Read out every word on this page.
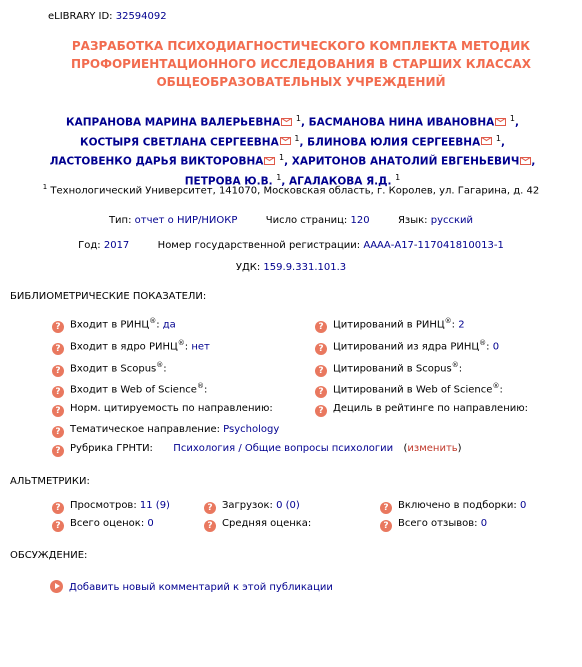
eLIBRARY ID: 32594092
РАЗРАБОТКА ПСИХОДИАГНОСТИЧЕСКОГО КОМПЛЕКТА МЕТОДИК
ПРОФОРИЕНТАЦИОННОГО ИССЛЕДОВАНИЯ В СТАРШИХ КЛАССАХ
ОБЩЕОБРАЗОВАТЕЛЬНЫХ УЧРЕЖДЕНИЙ
КАПРАНОВА МАРИНА ВАЛЕРЬЕВНА $^1$, БАСМАНОВА НИНА ИВАНОВНА $^1$,
КОСТЫРЯ СВЕТЛАНА СЕРГЕЕВНА $^1$, БЛИНОВА ЮЛИЯ СЕРГЕЕВНА $^1$,
ЛАСТОВЕНКО ДАРЬЯ ВИКТОРОВНА $^1$, ХАРИТОНОВ АНАТОЛИЙ ЕВГЕНЬЕВИЧ ,
ПЕТРОВА Ю.В. $^1$, АГАЛАКОВА Я.Д. $^1$
$^1$ Технологический Университет, 141070, Московская область, г. Королев, ул. Гагарина, д. 42
Тип: отчет о НИР/НИОКР	Число страниц: 120	Язык: русский
Год: 2017	Номер государственной регистрации: АААА-А17-117041810013-1
УДК: 159.9.331.101.3
БИБЛИОМЕТРИЧЕСКИЕ ПОКАЗАТЕЛИ:
? Входит в РИНЦ®: да	? Цитирований в РИНЦ®: 2
? Входит в ядро РИНЦ®: нет	? Цитирований из ядра РИНЦ®: 0
? Входит в Scopus®:	? Цитирований в Scopus®:
? Входит в Web of Science®:	? Цитирований в Web of Science®:
? Норм. цитируемость по направлению:	? Дециль в рейтинге по направлению:
? Тематическое направление: Psychology
? Рубрика ГРНТИ: Психология / Общие вопросы психологии (изменить)
АЛЬТМЕТРИКИ:
? Просмотров: 11 (9)	? Загрузок: 0 (0)	? Включено в подборки: 0
? Всего оценок: 0	? Средняя оценка:	? Всего отзывов: 0
ОБСУЖДЕНИЕ:
Добавить новый комментарий к этой публикации
